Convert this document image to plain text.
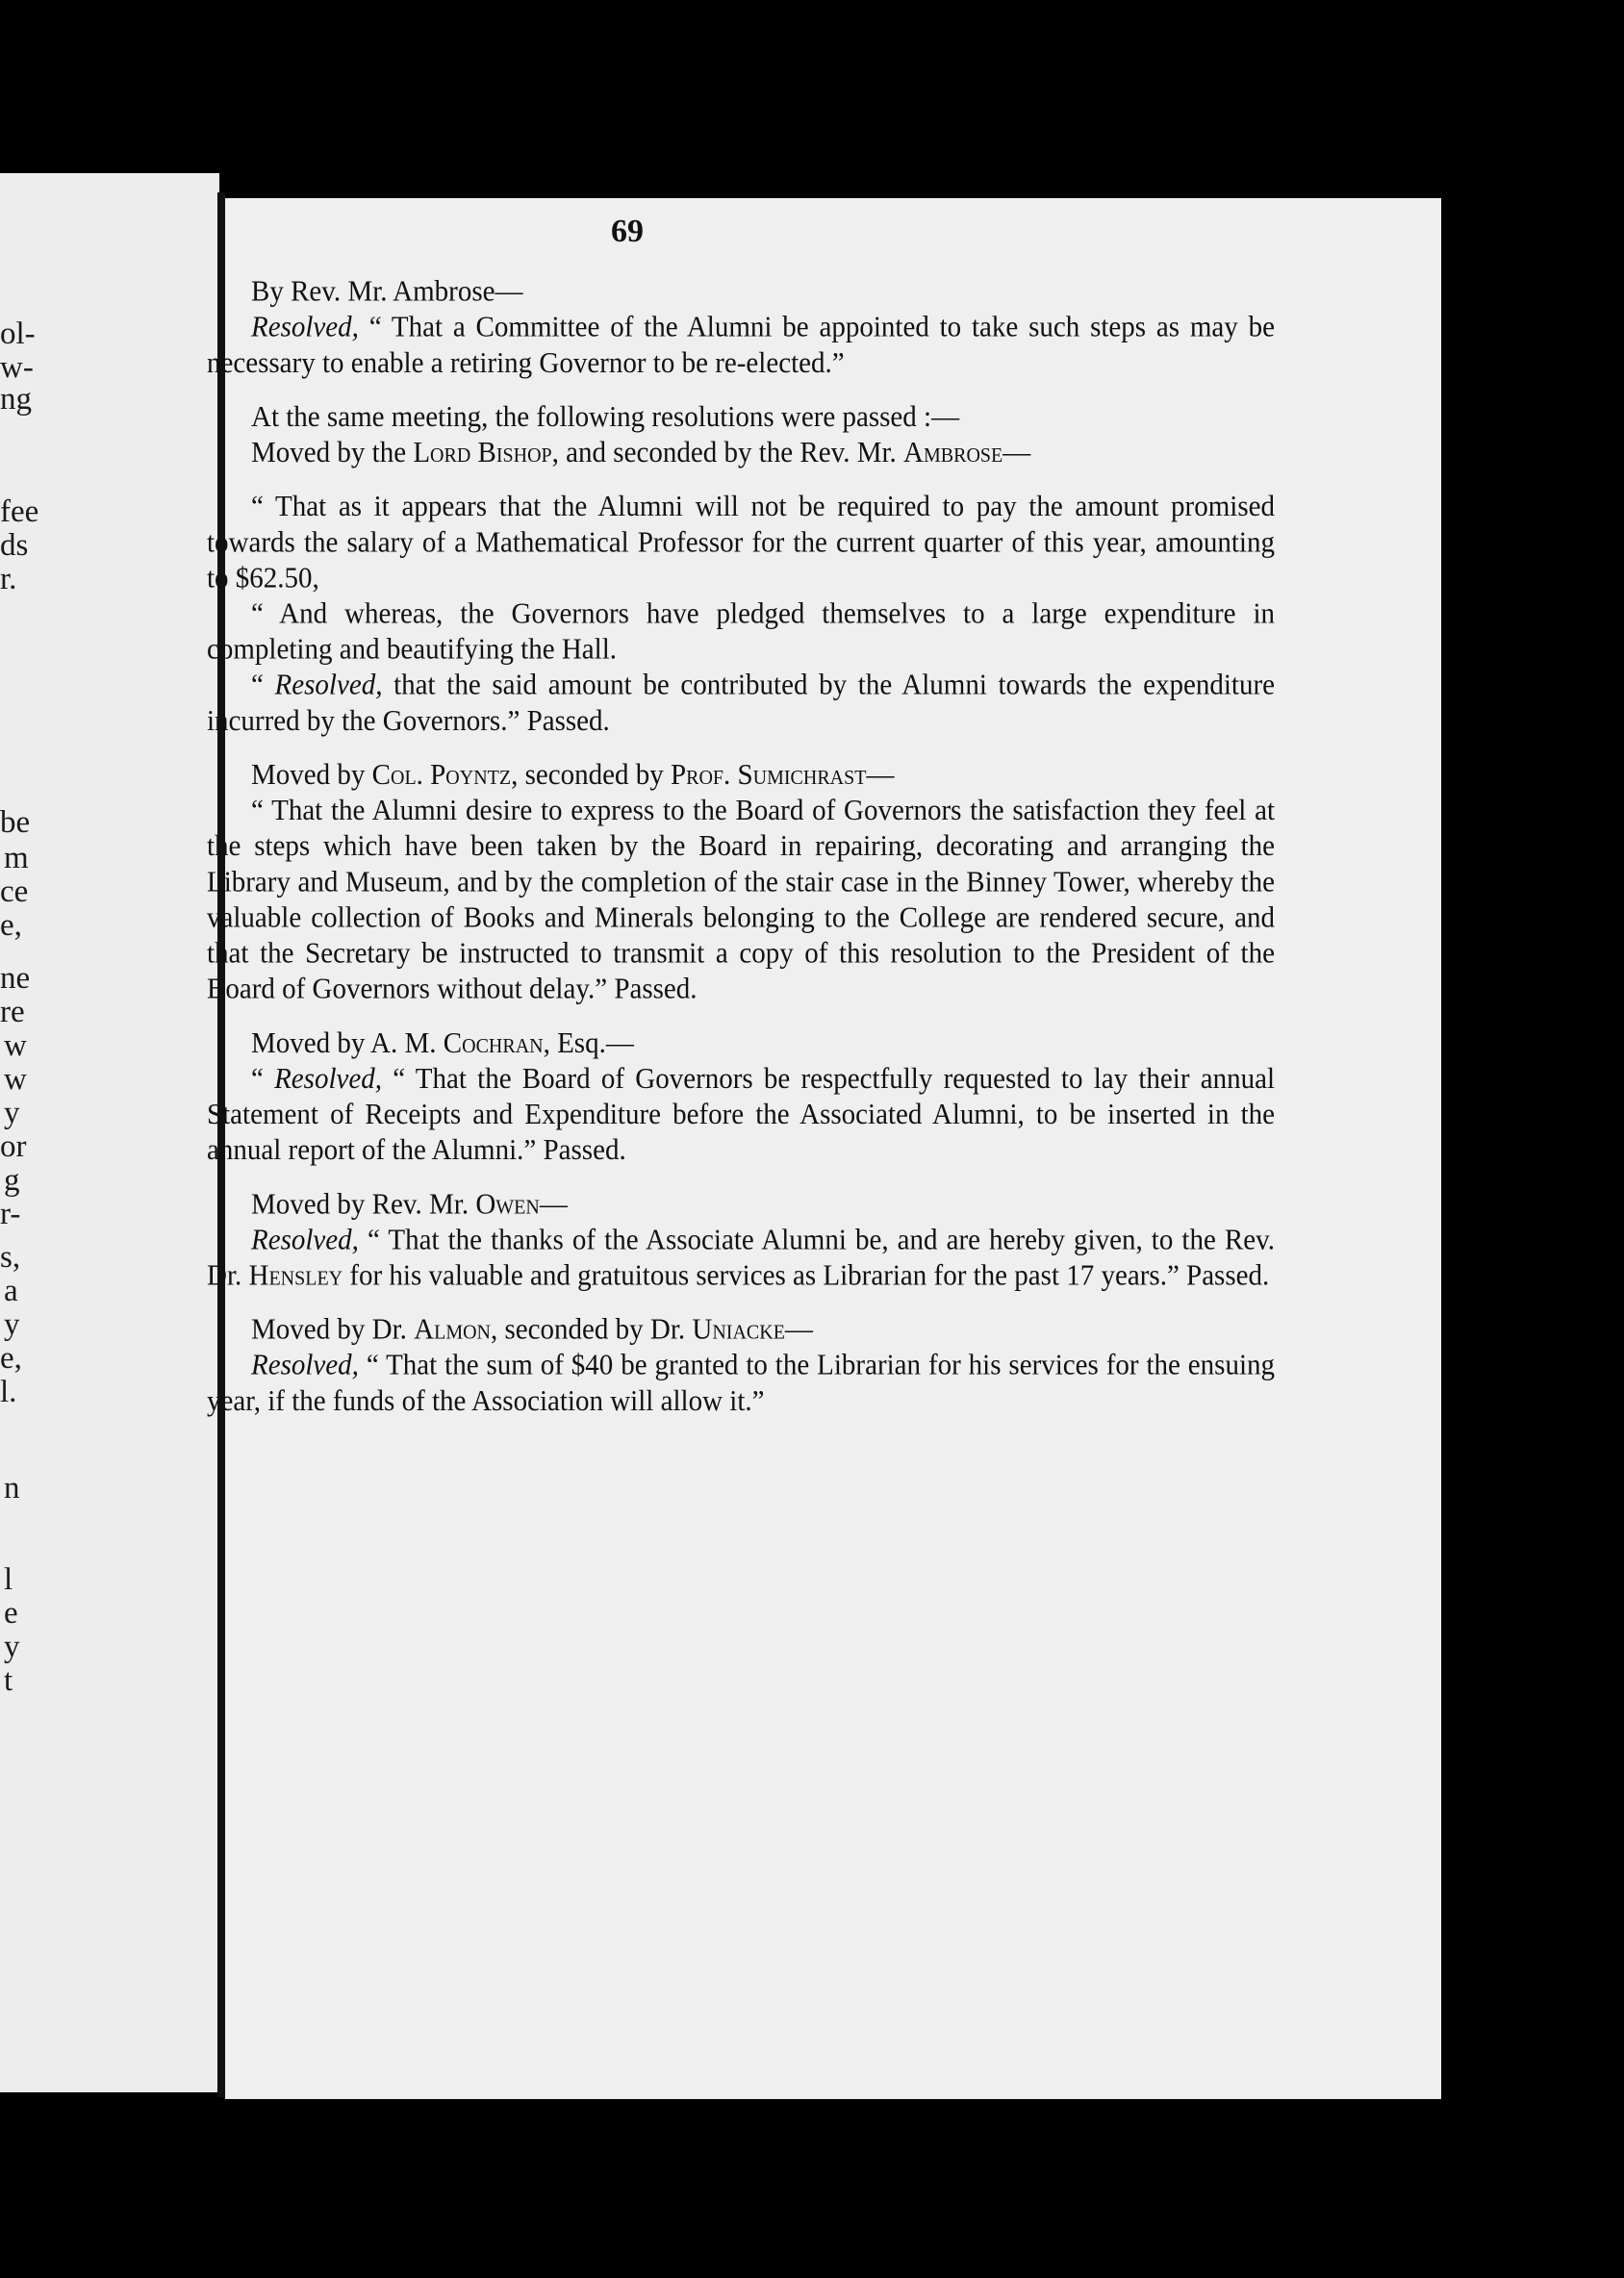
ol-
w-
ng
fee
ds
r.
be
m
ce
e,
ne
re
w
w
y
or
g
r-
s,
a
y
e,
l.
n
l
e
y
t
69

By Rev. Mr. Ambrose—

Resolved, “ That a Committee of the Alumni be appointed to take such steps as may be necessary to enable a retiring Governor to be re-elected.”

At the same meeting, the following resolutions were passed :—

Moved by the Lord Bishop, and seconded by the Rev. Mr. Ambrose—

“ That as it appears that the Alumni will not be required to pay the amount promised towards the salary of a Mathematical Professor for the current quarter of this year, amounting to $62.50,

“ And whereas, the Governors have pledged themselves to a large expenditure in completing and beautifying the Hall.

“ Resolved, that the said amount be contributed by the Alumni towards the expenditure incurred by the Governors.” Passed.

Moved by Col. Poyntz, seconded by Prof. Sumichrast—

“ That the Alumni desire to express to the Board of Governors the satisfaction they feel at the steps which have been taken by the Board in repairing, decorating and arranging the Library and Museum, and by the completion of the stair case in the Binney Tower, whereby the valuable collection of Books and Minerals belonging to the College are rendered secure, and that the Secretary be instructed to transmit a copy of this resolution to the President of the Board of Governors without delay.” Passed.

Moved by A. M. Cochran, Esq.—

“ Resolved, “ That the Board of Governors be respectfully requested to lay their annual Statement of Receipts and Expenditure before the Associated Alumni, to be inserted in the annual report of the Alumni.” Passed.

Moved by Rev. Mr. Owen—

Resolved, “ That the thanks of the Associate Alumni be, and are hereby given, to the Rev. Dr. Hensley for his valuable and gratuitous services as Librarian for the past 17 years.” Passed.

Moved by Dr. Almon, seconded by Dr. Uniacke—

Resolved, “ That the sum of $40 be granted to the Librarian for his services for the ensuing year, if the funds of the Association will allow it.”
